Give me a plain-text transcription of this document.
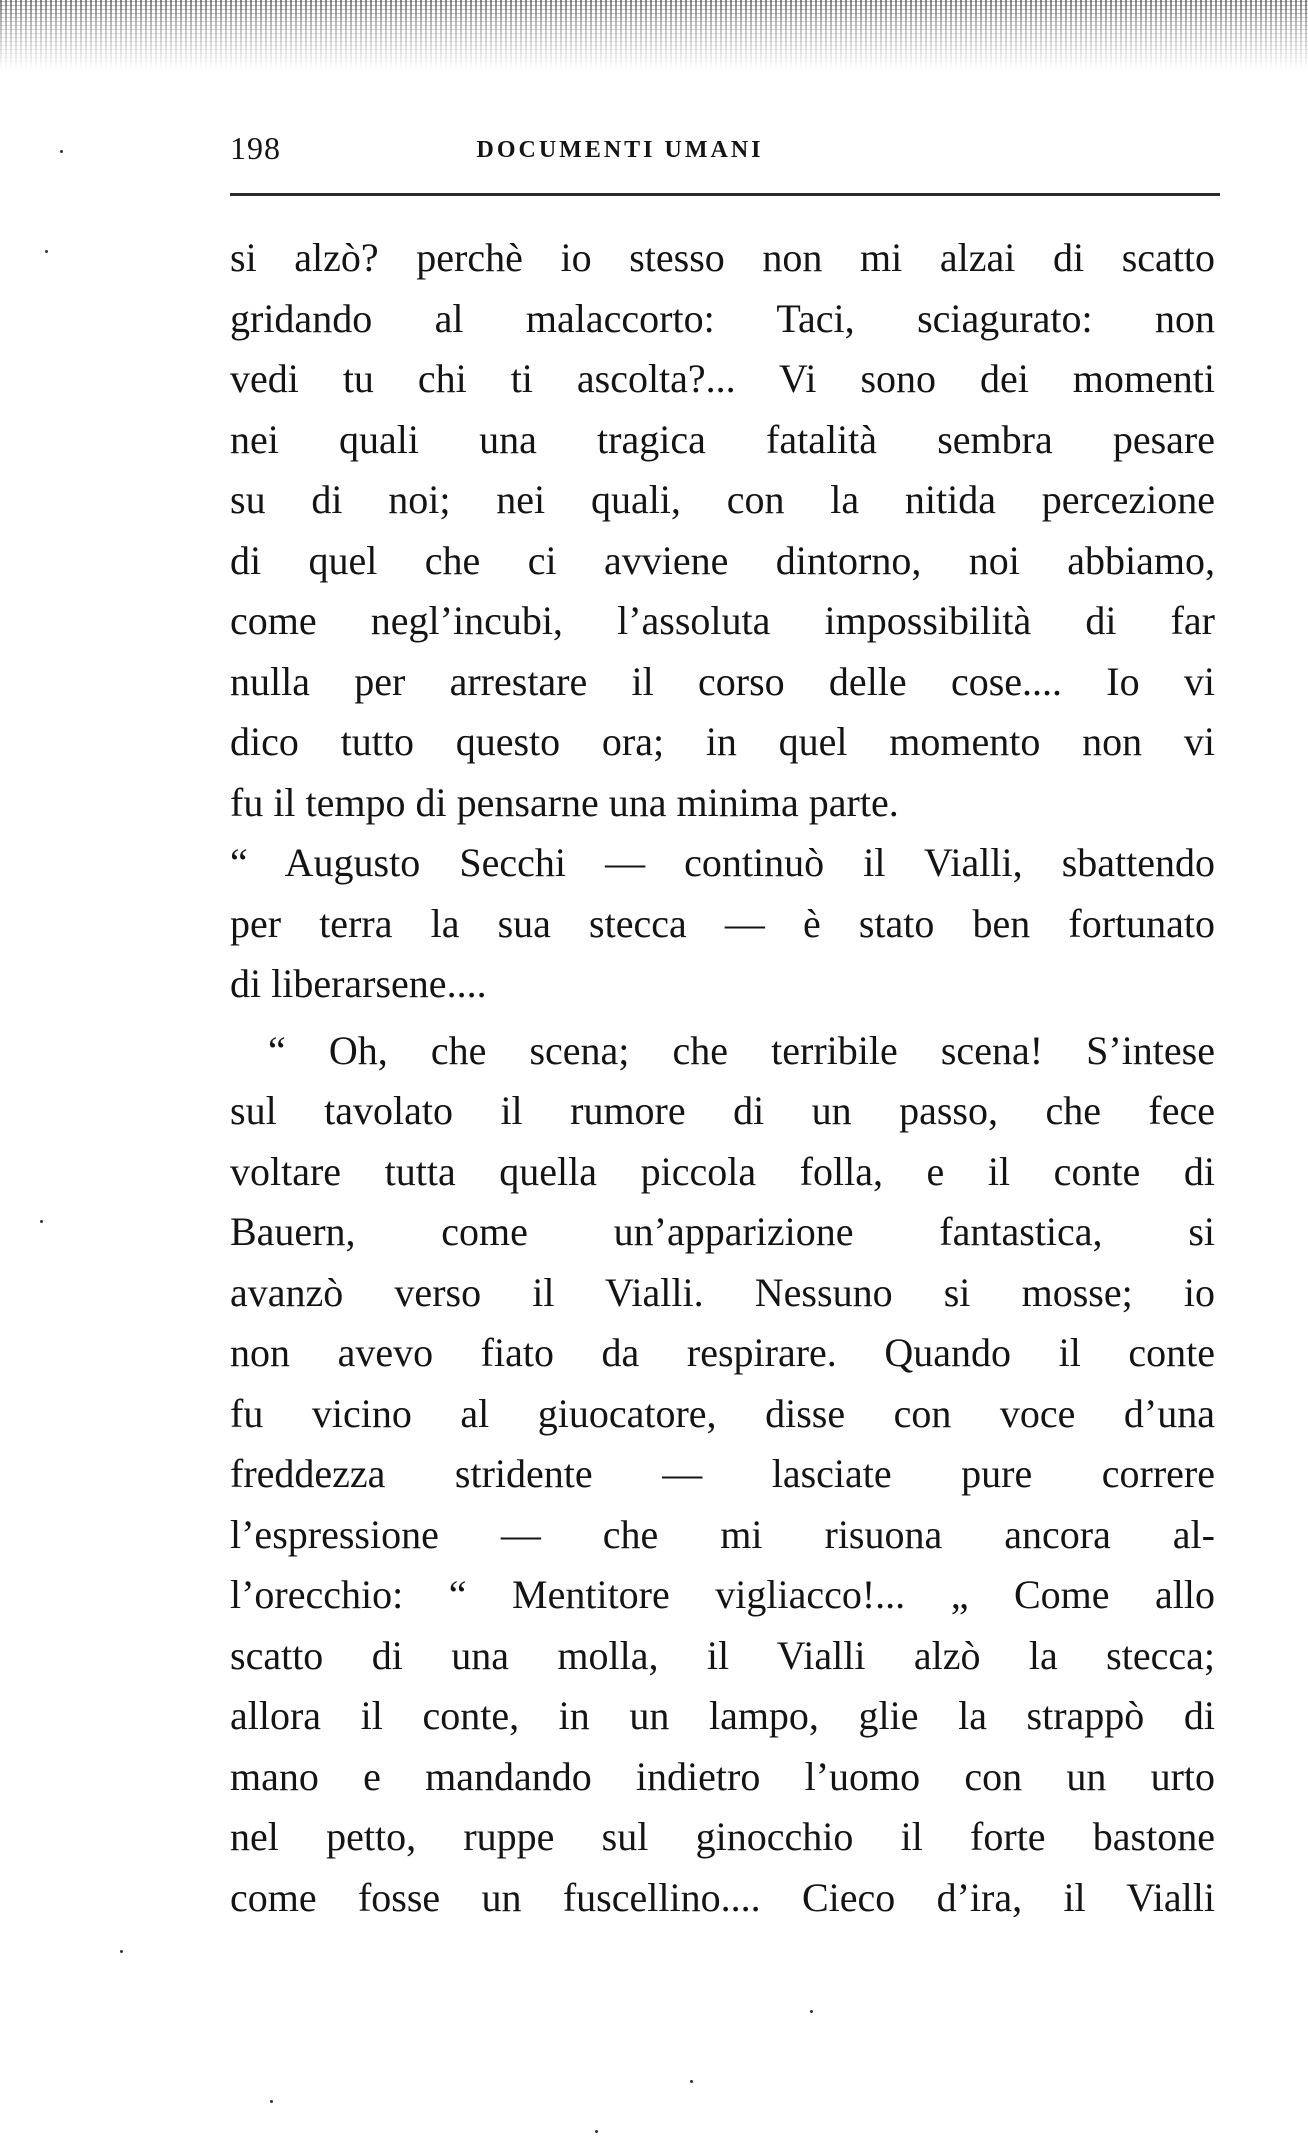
198	DOCUMENTI UMANI
si alzò? perchè io stesso non mi alzai di scatto
gridando al malaccorto: Taci, sciagurato: non
vedi tu chi ti ascolta?... Vi sono dei momenti
nei quali una tragica fatalità sembra pesare
su di noi; nei quali, con la nitida percezione
di quel che ci avviene dintorno, noi abbiamo,
come negl’incubi, l’assoluta impossibilità di far
nulla per arrestare il corso delle cose.... Io vi
dico tutto questo ora; in quel momento non vi
fu il tempo di pensarne una minima parte.
“ Augusto Secchi — continuò il Vialli, sbattendo
per terra la sua stecca — è stato ben fortunato
di liberarsene....
“ Oh, che scena; che terribile scena! S’intese
sul tavolato il rumore di un passo, che fece
voltare tutta quella piccola folla, e il conte di
Bauern, come un’apparizione fantastica, si
avanzò verso il Vialli. Nessuno si mosse; io
non avevo fiato da respirare. Quando il conte
fu vicino al giuocatore, disse con voce d’una
freddezza stridente — lasciate pure correre
l’espressione — che mi risuona ancora al-
l’orecchio: “ Mentitore vigliacco!... „ Come allo
scatto di una molla, il Vialli alzò la stecca;
allora il conte, in un lampo, glie la strappò di
mano e mandando indietro l’uomo con un urto
nel petto, ruppe sul ginocchio il forte bastone
come fosse un fuscellino.... Cieco d’ira, il Vialli
